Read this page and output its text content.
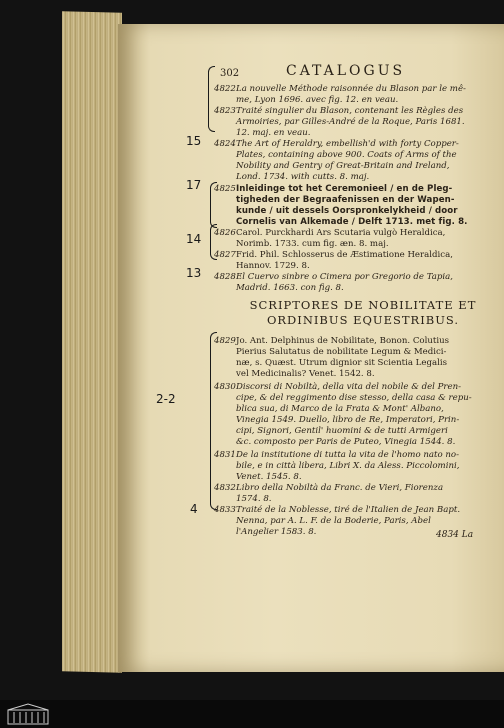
302	CATALOGUS
4822 La nouvelle Méthode raisonnée du Blason par le mê-
me, Lyon 1696. avec fig. 12. en veau.
4823 Traité singulier du Blason, contenant les Règles des
Armoiries, par Gilles-André de la Roque, Paris 1681.
12. maj. en veau.
4824 The Art of Heraldry, embellish'd with forty Copper-
Plates, containing above 900. Coats of Arms of the
Nobility and Gentry of Great-Britain and Ireland,
Lond. 1734. with cutts. 8. maj.
4825 Inleidinge tot het Ceremonieel / en de Pleg-
tigheden der Begraafenissen en der Wapen-
kunde / uit dessels Oorspronkelykheid / door
Cornelis van Alkemade / Delft 1713. met fig. 8.
4826 Carol. Purckhardi Ars Scutaria vulgò Heraldica,
Norimb. 1733. cum fig. æn. 8. maj.
4827 Frid. Phil. Schlosserus de Æstimatione Heraldica,
Hannov. 1729. 8.
4828 El Cuervo sinbre o Cimera por Gregorio de Tapia,
Madrid. 1663. con fig. 8.
SCRIPTORES DE NOBILITATE ET
ORDINIBUS EQUESTRIBUS.
4829 Jo. Ant. Delphinus de Nobilitate, Bonon. Colutius
Pierius Salutatus de nobilitate Legum & Medici-
næ, s. Quæst. Utrum dignior sit Scientia Legalis
vel Medicinalis? Venet. 1542. 8.
4830 Discorsi di Nobiltà, della vita del nobile & del Pren-
cipe, & del reggimento dise stesso, della casa & repu-
blica sua, di Marco de la Frata & Mont' Albano,
Vinegia 1549. Duello, libro de Re, Imperatori, Prin-
cipi, Signori, Gentil' huomini & de tutti Armigeri
&c. composto per Paris de Puteo, Vinegia 1544. 8.
4831 De la institutione di tutta la vita de l'homo nato no-
bile, e in città libera, Libri X. da Aless. Piccolomini,
Venet. 1545. 8.
4832 Libro della Nobiltà da Franc. de Vieri, Fiorenza
1574. 8.
4833 Traité de la Noblesse, tiré de l'Italien de Jean Bapt.
Nenna, par A. L. F. de la Boderie, Paris, Abel
l'Angelier 1583. 8.	4834 La
15
17
14
13
2-2
4
